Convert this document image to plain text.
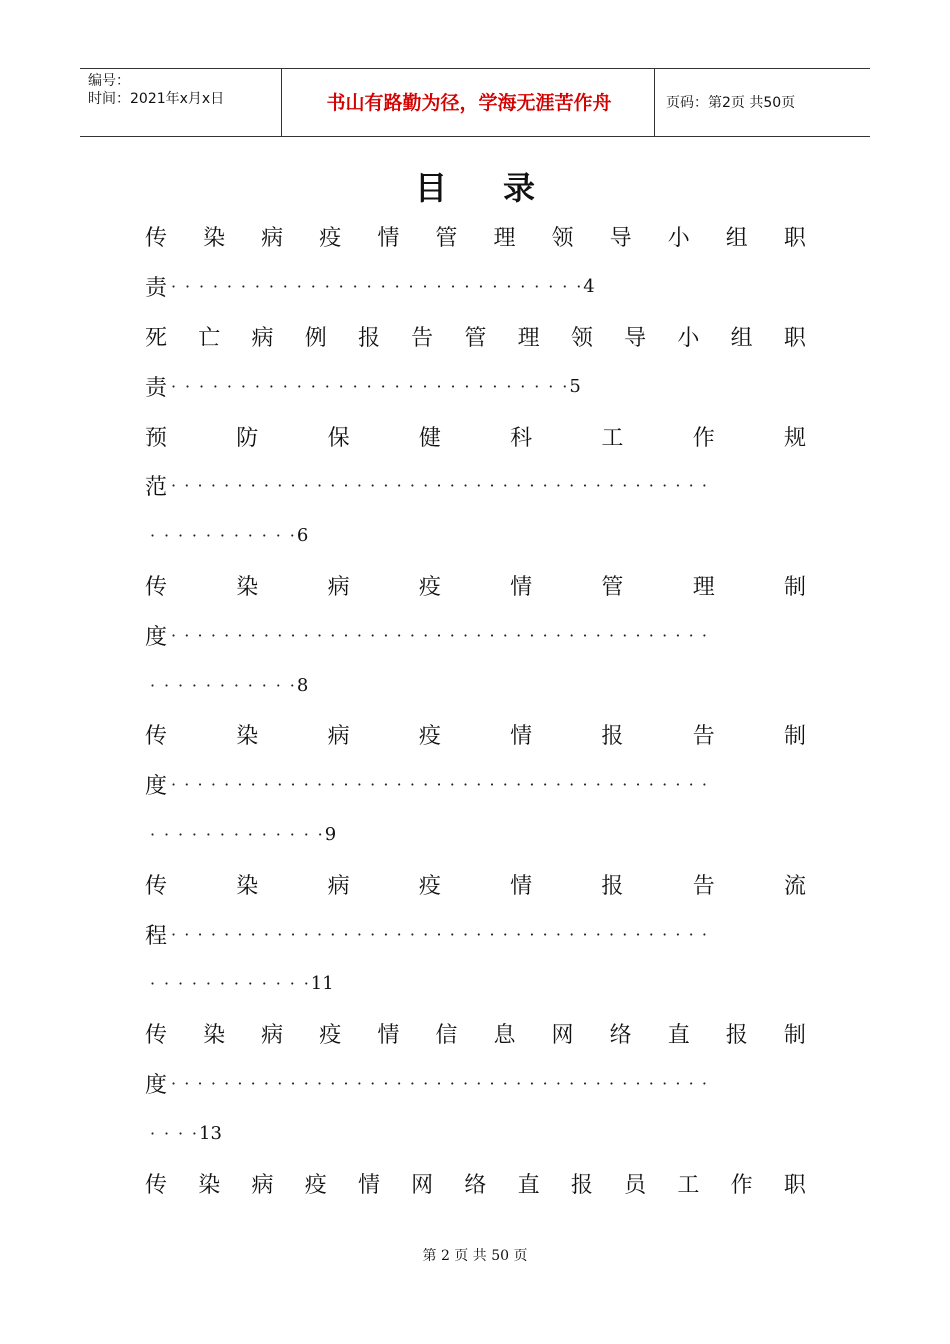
编号：
时间：2021年x月x日	书山有路勤为径，学海无涯苦作舟	页码：第2页 共50页
目录
传 染 病 疫 情 管 理 领 导 小 组 职
责 · · · · · · · · · · · · · · · · · · · · · · · · · · · · · · 4
死 亡 病 例 报 告 管 理 领 导 小 组 职
责 · · · · · · · · · · · · · · · · · · · · · · · · · · · · · 5
预	防	保	健	科	工	作	规
范 · · · · · · · · · · · · · · · · · · · · · · · · · · · · · · · · · · · · · · · · ·
· · · · · · · · · · · 6
传	染	病	疫	情	管	理	制
度 · · · · · · · · · · · · · · · · · · · · · · · · · · · · · · · · · · · · · · · · ·
· · · · · · · · · · · 8
传	染	病	疫	情	报	告	制
度 · · · · · · · · · · · · · · · · · · · · · · · · · · · · · · · · · · · · · · · · ·
· · · · · · · · · · · · · 9
传	染	病	疫	情	报	告	流
程 · · · · · · · · · · · · · · · · · · · · · · · · · · · · · · · · · · · · · · · · ·
· · · · · · · · · · · · 11
传 染 病 疫 情 信 息 网 络 直 报 制
度 · · · · · · · · · · · · · · · · · · · · · · · · · · · · · · · · · · · · · · · · ·
· · · · 13
传 染 病 疫 情 网 络 直 报 员 工 作 职
第 2 页 共 50 页
